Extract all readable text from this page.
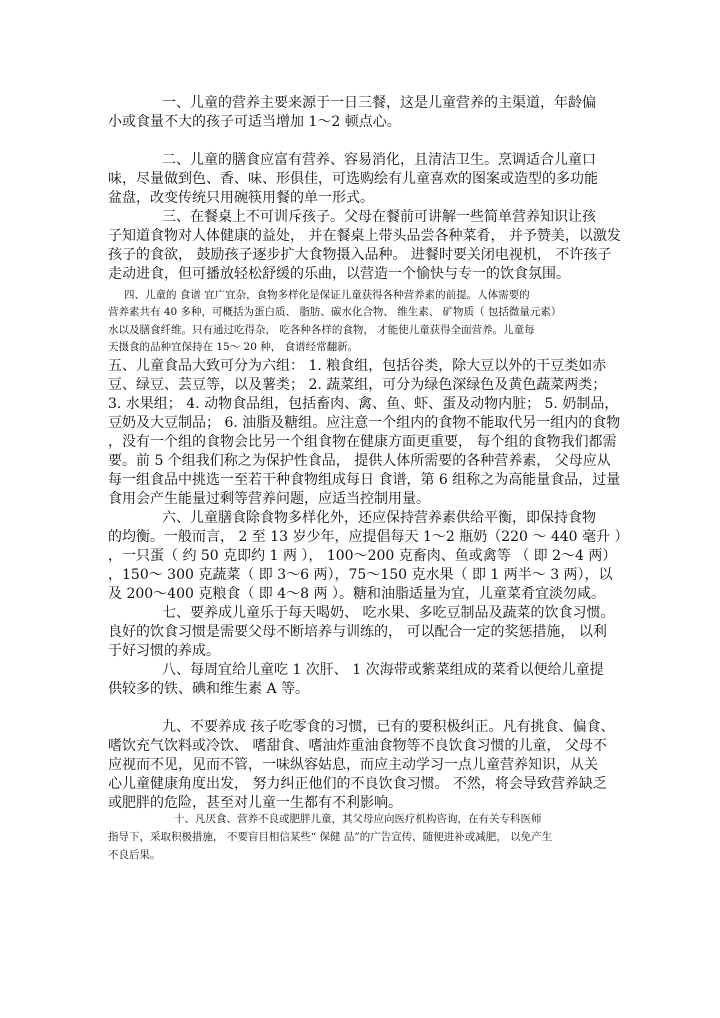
一、儿童的营养主要来源于一日三餐，这是儿童营养的主渠道，年龄偏
小或食量不大的孩子可适当增加 1～2 顿点心。
二、儿童的膳食应富有营养、容易消化，且清洁卫生。烹调适合儿童口
味，尽量做到色、香、味、形俱佳，可选购绘有儿童喜欢的图案或造型的多功能
盆盘，改变传统只用碗筷用餐的单一形式。
三、在餐桌上不可训斥孩子。父母在餐前可讲解一些简单营养知识让孩
子知道食物对人体健康的益处， 并在餐桌上带头品尝各种菜肴， 并予赞美，以激发
孩子的食欲， 鼓励孩子逐步扩大食物摄入品种。 进餐时要关闭电视机， 不许孩子
走动进食，但可播放轻松舒缓的乐曲，以营造一个愉快与专一的饮食氛围。
四、儿童的 食谱 宜广宜杂，食物多样化是保证儿童获得各种营养素的前提。人体需要的
营养素共有 40 多种，可概括为蛋白质、 脂肪、碳水化合物、 维生素、 矿物质（ 包括微量元素）
水以及膳食纤维。只有通过吃得杂， 吃各种各样的食物， 才能使儿童获得全面营养。儿童每
天摄食的品种宜保持在 15～ 20 种， 食谱经常翻新。
五、儿童食品大致可分为六组： 1. 粮食组，包括谷类，除大豆以外的干豆类如赤
豆、绿豆、芸豆等，以及薯类； 2. 蔬菜组，可分为绿色深绿色及黄色蔬菜两类；
3. 水果组； 4. 动物食品组，包括畜肉、禽、鱼、虾、蛋及动物内脏； 5. 奶制品，
豆奶及大豆制品； 6. 油脂及糖组。应注意一个组内的食物不能取代另一组内的食物
，没有一个组的食物会比另一个组食物在健康方面更重要， 每个组的食物我们都需
要。前 5 个组我们称之为保护性食品， 提供人体所需要的各种营养素， 父母应从
每一组食品中挑选一至若干种食物组成每日 食谱，第 6 组称之为高能量食品，过量
食用会产生能量过剩等营养问题，应适当控制用量。
六、儿童膳食除食物多样化外，还应保持营养素供给平衡，即保持食物
的均衡。一般而言， 2 至 13 岁少年，应提倡每天 1～2 瓶奶（220 ～ 440 毫升 ）
，一只蛋（ 约 50 克即约 1 两 ）， 100～200 克畜肉、鱼或禽等 （ 即 2～4 两）
，150～ 300 克蔬菜（ 即 3～6 两），75～150 克水果（ 即 1 两半～ 3 两），以
及 200～400 克粮食（ 即 4～8 两 ）。糖和油脂适量为宜，儿童菜肴宜淡勿咸。
七、要养成儿童乐于每天喝奶、 吃水果、多吃豆制品及蔬菜的饮食习惯。
良好的饮食习惯是需要父母不断培养与训练的， 可以配合一定的奖惩措施， 以利
于好习惯的养成。
八、每周宜给儿童吃 1 次肝、 1 次海带或紫菜组成的菜肴以便给儿童提
供较多的铁、碘和维生素 A 等。
九、不要养成 孩子吃零食的习惯，已有的要积极纠正。凡有挑食、偏食、
嗜饮充气饮料或冷饮、 嗜甜食、嗜油炸重油食物等不良饮食习惯的儿童， 父母不
应视而不见，见而不管，一味纵容姑息，而应主动学习一点儿童营养知识，从关
心儿童健康角度出发， 努力纠正他们的不良饮食习惯。 不然，将会导致营养缺乏
或肥胖的危险，甚至对儿童一生都有不利影响。
十、凡厌食、营养不良或肥胖儿童，其父母应向医疗机构咨询，在有关专科医师
指导下，采取积极措施， 不要盲目相信某些“ 保健 品”的广告宣传，随便进补或减肥， 以免产生
不良后果。
